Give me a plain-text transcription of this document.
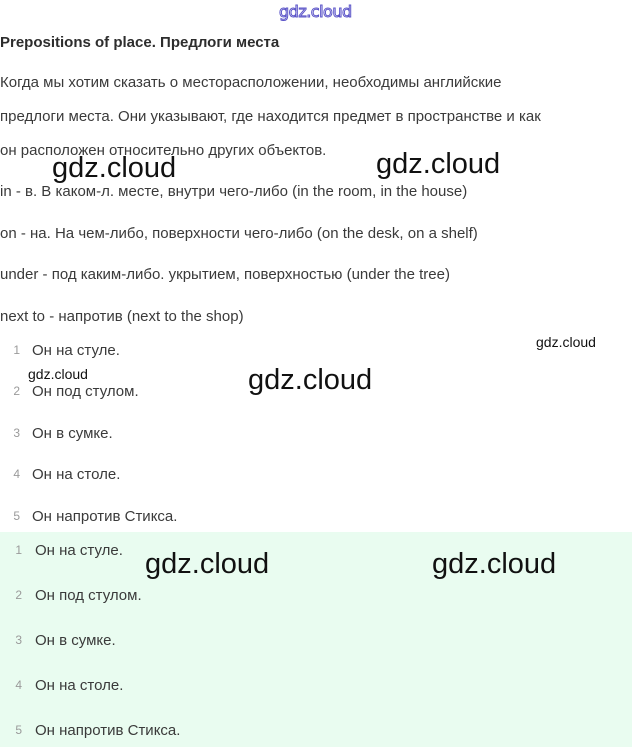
gdz.cloud
Prepositions of place. Предлоги места
Когда мы хотим сказать о месторасположении, необходимы английские
предлоги места. Они указывают, где находится предмет в пространстве и как
он расположен относительно других объектов.
in - в. В каком-л. месте, внутри чего-либо (in the room, in the house)
on - на. На чем-либо, поверхности чего-либо (on the desk, on a shelf)
under - под каким-либо. укрытием, поверхностью (under the tree)
next to - напротив (next to the shop)
1 Он на стуле.
2 Он под стулом.
3 Он в сумке.
4 Он на столе.
5 Он напротив Стикса.
1 Он на стуле.
2 Он под стулом.
3 Он в сумке.
4 Он на столе.
5 Он напротив Стикса.
gdz.cloud	gdz.cloud
gdz.cloud
gdz.cloud	gdz.cloud
gdz.cloud	gdz.cloud
